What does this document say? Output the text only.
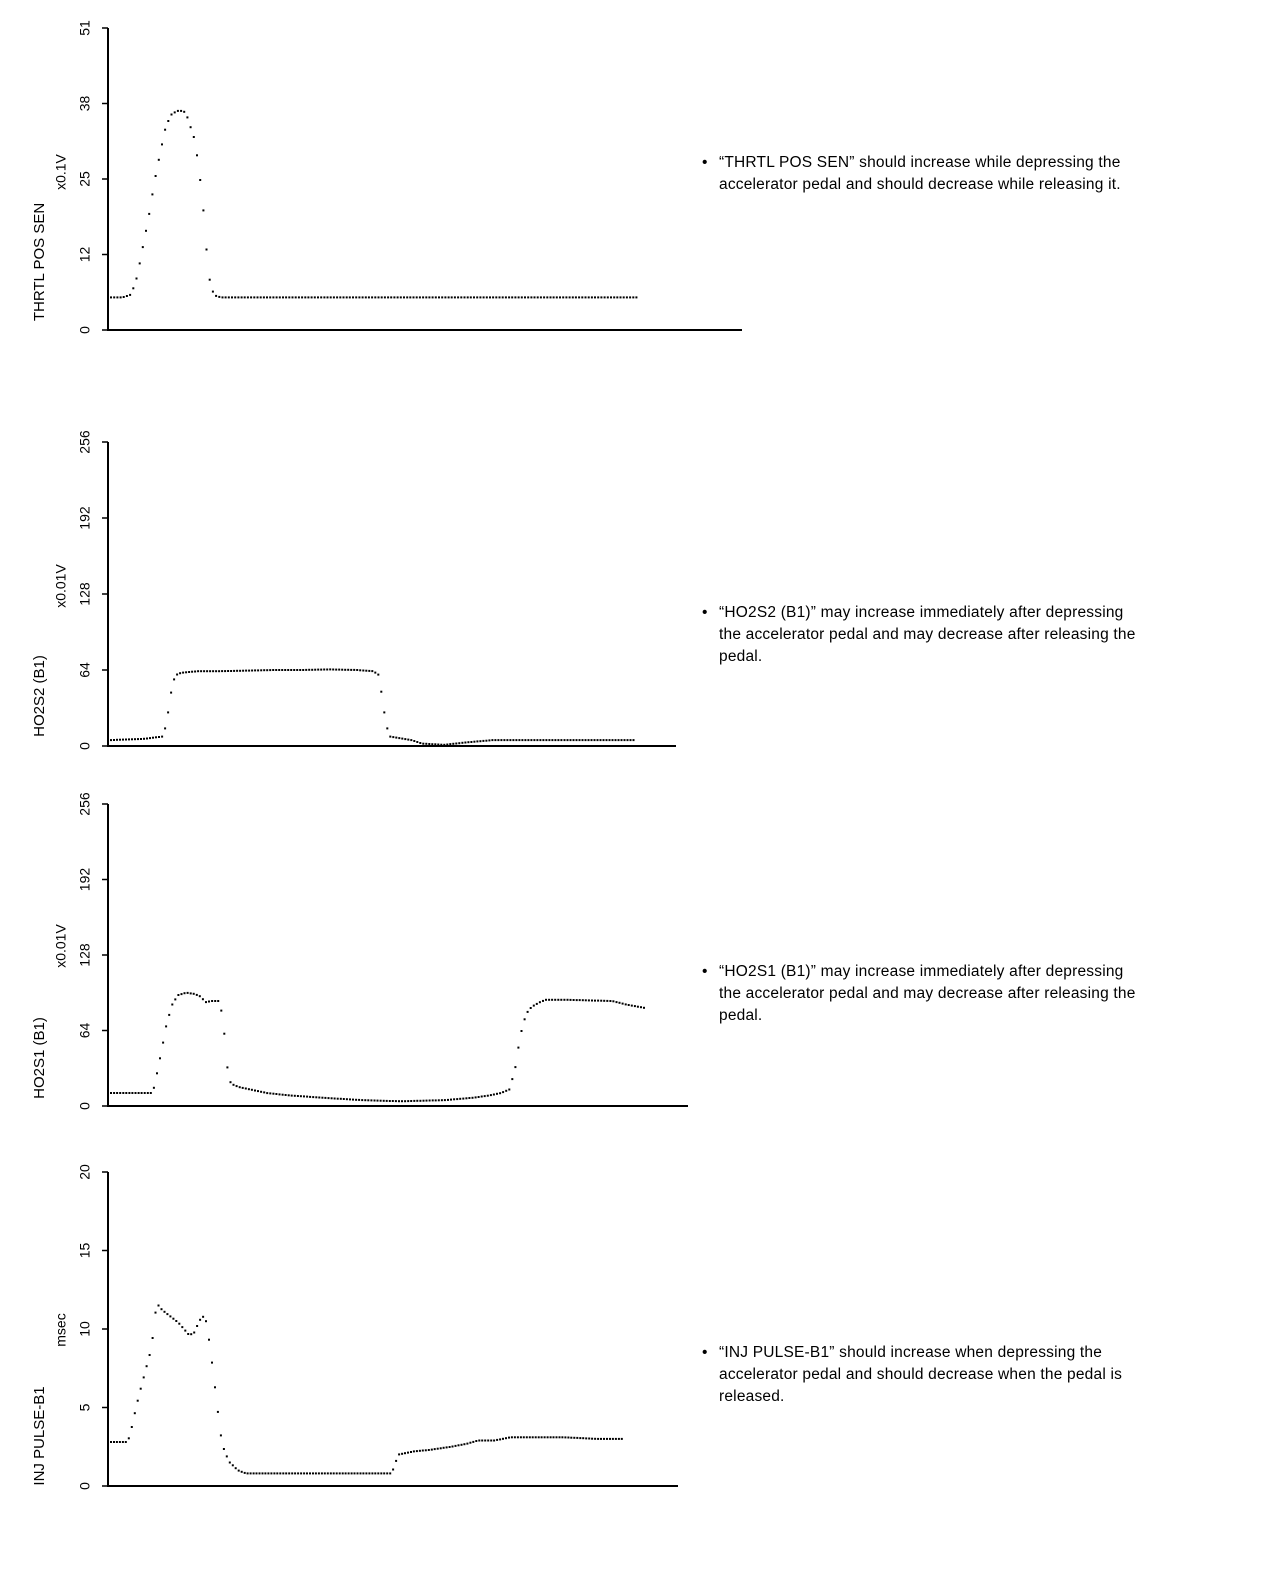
0
12
25
38
51
THRTL POS SEN
x0.1V
0
64
128
192
256
HO2S2 (B1)
x0.01V
0
64
128
192
256
HO2S1 (B1)
x0.01V
0
5
10
15
20
INJ PULSE-B1
msec
• “THRTL POS SEN” should increase while depressing the accelerator pedal and should decrease while releasing it.
• “HO2S2 (B1)” may increase immediately after depressing the accelerator pedal and may decrease after releasing the pedal.
• “HO2S1 (B1)” may increase immediately after depressing the accelerator pedal and may decrease after releasing the pedal.
• “INJ PULSE-B1” should increase when depressing the accelerator pedal and should decrease when the pedal is released.
